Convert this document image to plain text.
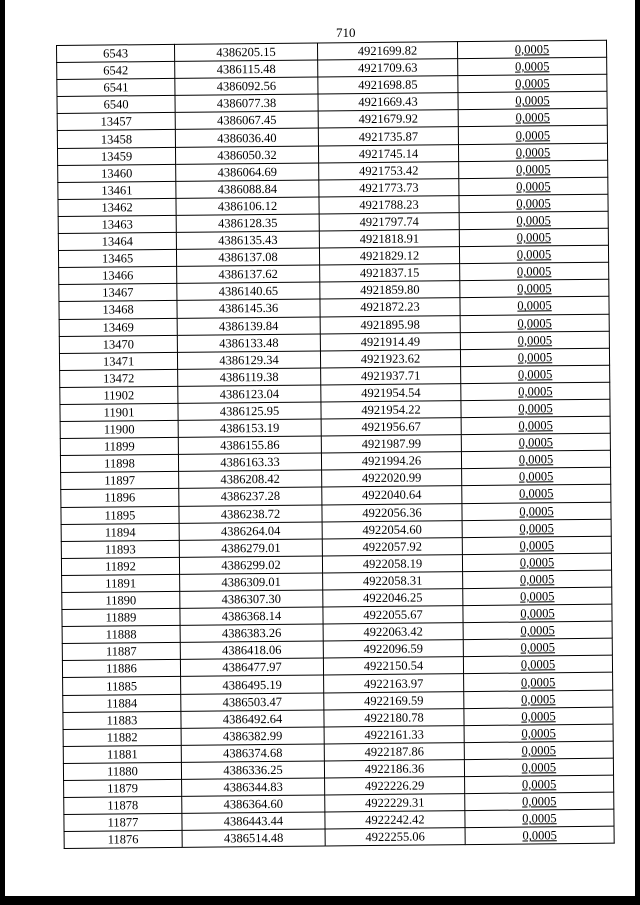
710
6543	4386205.15	4921699.82	0,0005
6542	4386115.48	4921709.63	0,0005
6541	4386092.56	4921698.85	0,0005
6540	4386077.38	4921669.43	0,0005
13457	4386067.45	4921679.92	0,0005
13458	4386036.40	4921735.87	0,0005
13459	4386050.32	4921745.14	0,0005
13460	4386064.69	4921753.42	0,0005
13461	4386088.84	4921773.73	0,0005
13462	4386106.12	4921788.23	0,0005
13463	4386128.35	4921797.74	0,0005
13464	4386135.43	4921818.91	0,0005
13465	4386137.08	4921829.12	0,0005
13466	4386137.62	4921837.15	0,0005
13467	4386140.65	4921859.80	0,0005
13468	4386145.36	4921872.23	0,0005
13469	4386139.84	4921895.98	0,0005
13470	4386133.48	4921914.49	0,0005
13471	4386129.34	4921923.62	0,0005
13472	4386119.38	4921937.71	0,0005
11902	4386123.04	4921954.54	0,0005
11901	4386125.95	4921954.22	0,0005
11900	4386153.19	4921956.67	0,0005
11899	4386155.86	4921987.99	0,0005
11898	4386163.33	4921994.26	0,0005
11897	4386208.42	4922020.99	0,0005
11896	4386237.28	4922040.64	0,0005
11895	4386238.72	4922056.36	0,0005
11894	4386264.04	4922054.60	0,0005
11893	4386279.01	4922057.92	0,0005
11892	4386299.02	4922058.19	0,0005
11891	4386309.01	4922058.31	0,0005
11890	4386307.30	4922046.25	0,0005
11889	4386368.14	4922055.67	0,0005
11888	4386383.26	4922063.42	0,0005
11887	4386418.06	4922096.59	0,0005
11886	4386477.97	4922150.54	0,0005
11885	4386495.19	4922163.97	0,0005
11884	4386503.47	4922169.59	0,0005
11883	4386492.64	4922180.78	0,0005
11882	4386382.99	4922161.33	0,0005
11881	4386374.68	4922187.86	0,0005
11880	4386336.25	4922186.36	0,0005
11879	4386344.83	4922226.29	0,0005
11878	4386364.60	4922229.31	0,0005
11877	4386443.44	4922242.42	0,0005
11876	4386514.48	4922255.06	0,0005
